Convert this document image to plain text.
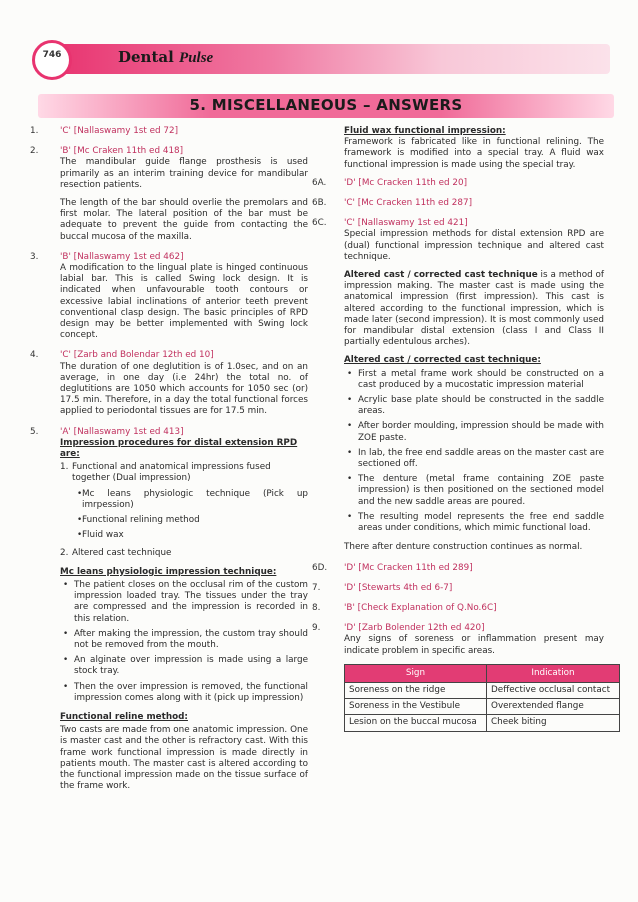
746	Dental Pulse
5. MISCELLANEOUS – ANSWERS
1. 'C' [Nallaswamy 1st ed 72]
2. 'B' [Mc Craken 11th ed 418]

The mandibular guide flange prosthesis is used primarily as an interim training device for mandibular resection patients.

The length of the bar should overlie the premolars and first molar. The lateral position of the bar must be adequate to prevent the guide from contacting the buccal mucosa of the maxilla.

3. 'B' [Nallaswamy 1st ed 462]

A modification to the lingual plate is hinged continuous labial bar. This is called Swing lock design. It is indicated when unfavourable tooth contours or excessive labial inclinations of anterior teeth prevent conventional clasp design. The basic principles of RPD design may be better implemented with Swing lock concept.

4. 'C' [Zarb and Bolendar 12th ed 10]

The duration of one deglutition is of 1.0sec, and on an average, in one day (i.e 24hr) the total no. of deglutitions are 1050 which accounts for 1050 sec (or) 17.5 min. Therefore, in a day the total functional forces applied to periodontal tissues are for 17.5 min.

5. 'A' [Nallaswamy 1st ed 413]
Impression procedures for distal extension RPD are:
1. Functional and anatomical impressions fused together (Dual impression)
• Mc leans physiologic technique (Pick up imrpession)
• Functional relining method
• Fluid wax
2. Altered cast technique
Mc leans physiologic impression technique:
• The patient closes on the occlusal rim of the custom impression loaded tray. The tissues under the tray are compressed and the impression is recorded in this relation.
• After making the impression, the custom tray should not be removed from the mouth.
• An alginate over impression is made using a large stock tray.
• Then the over impression is removed, the functional impression comes along with it (pick up impression)
Functional reline method:

Two casts are made from one anatomic impression. One is master cast and the other is refractory cast. With this frame work functional impression is made directly in patients mouth. The master cast is altered according to the functional impression made on the tissue surface of the frame work.

Fluid wax functional impression:

Framework is fabricated like in functional relining. The framework is modified into a special tray. A fluid wax functional impression is made using the special tray.

6A. 'D' [Mc Cracken 11th ed 20]
6B. 'C' [Mc Cracken 11th ed 287]
6C. 'C' [Nallaswamy 1st ed 421]

Special impression methods for distal extension RPD are (dual) functional impression technique and altered cast technique.

Altered cast / corrected cast technique is a method of impression making. The master cast is made using the anatomical impression (first impression). This cast is altered according to the functional impression, which is made later (second impression). It is most commonly used for mandibular distal extension (class I and Class II partially edentulous arches).

Altered cast / corrected cast technique:
• First a metal frame work should be constructed on a cast produced by a mucostatic impression material
• Acrylic base plate should be constructed in the saddle areas.
• After border moulding, impression should be made with ZOE paste.
• In lab, the free end saddle areas on the master cast are sectioned off.
• The denture (metal frame containing ZOE paste impression) is then positioned on the sectioned model and the new saddle areas are poured.
• The resulting model represents the free end saddle areas under conditions, which mimic functional load.

There after denture construction continues as normal.

6D. 'D' [Mc Cracken 11th ed 289]
7.	'D' [Stewarts 4th ed 6-7]
8.	'B' [Check Explanation of Q.No.6C]
9.	'D' [Zarb Bolender 12th ed 420]

Any signs of soreness or inflammation present may indicate problem in specific areas.

Sign	Indication
Soreness on the ridge	Deffective occlusal contact
Soreness in the Vestibule	Overextended flange
Lesion on the buccal mucosa	Cheek biting
